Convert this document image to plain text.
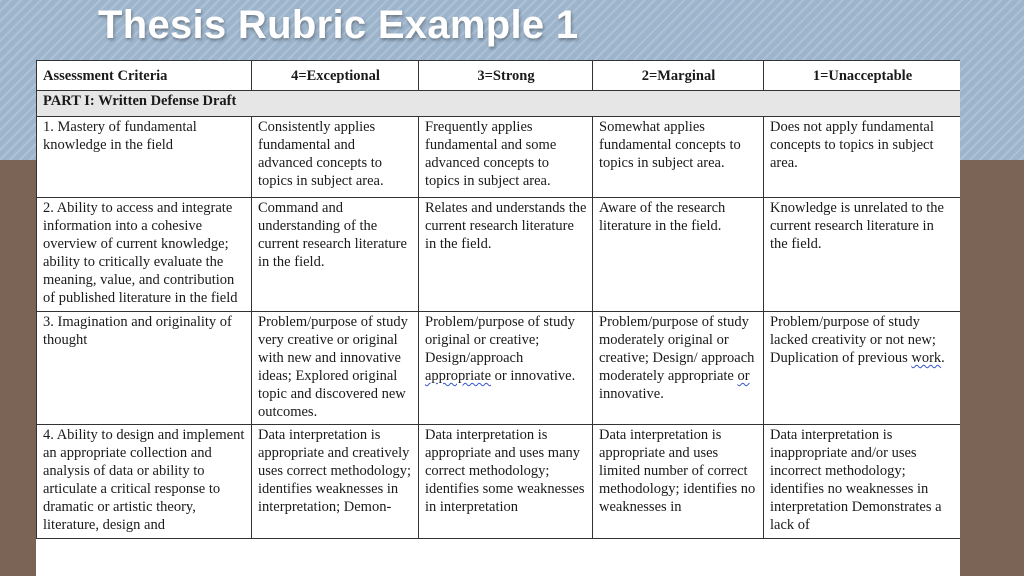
Thesis Rubric Example 1
Assessment Criteria	4=Exceptional	3=Strong	2=Marginal	1=Unacceptable
PART I: Written Defense Draft				
1. Mastery of fundamental knowledge in the field	Consistently applies fundamental and advanced concepts to topics in subject area.	Frequently applies fundamental and some advanced concepts to topics in subject area.	Somewhat applies fundamental concepts to topics in subject area.	Does not apply fundamental concepts to topics in subject area.
2. Ability to access and integrate information into a cohesive overview of current knowledge; ability to critically evaluate the meaning, value, and contribution of published literature in the field	Command and understanding of the current research literature in the field.	Relates and understands the current research literature in the field.	Aware of the research literature in the field.	Knowledge is unrelated to the current research literature in the field.
3. Imagination and originality of thought	Problem/purpose of study very creative or original with new and innovative ideas; Explored original topic and discovered new outcomes.	Problem/purpose of study original or creative; Design/approach appropriate or innovative.	Problem/purpose of study moderately original or creative; Design/ approach moderately appropriate or innovative.	Problem/purpose of study lacked creativity or not new; Duplication of previous work.
4. Ability to design and implement an appropriate collection and analysis of data or ability to articulate a critical response to dramatic or artistic theory, literature, design and	Data interpretation is appropriate and creatively uses correct methodology; identifies weaknesses in interpretation; Demon-	Data interpretation is appropriate and uses many correct methodology; identifies some weaknesses in interpretation	Data interpretation is appropriate and uses limited number of correct methodology; identifies no weaknesses in	Data interpretation is inappropriate and/or uses incorrect methodology; identifies no weaknesses in interpretation Demonstrates a lack of
